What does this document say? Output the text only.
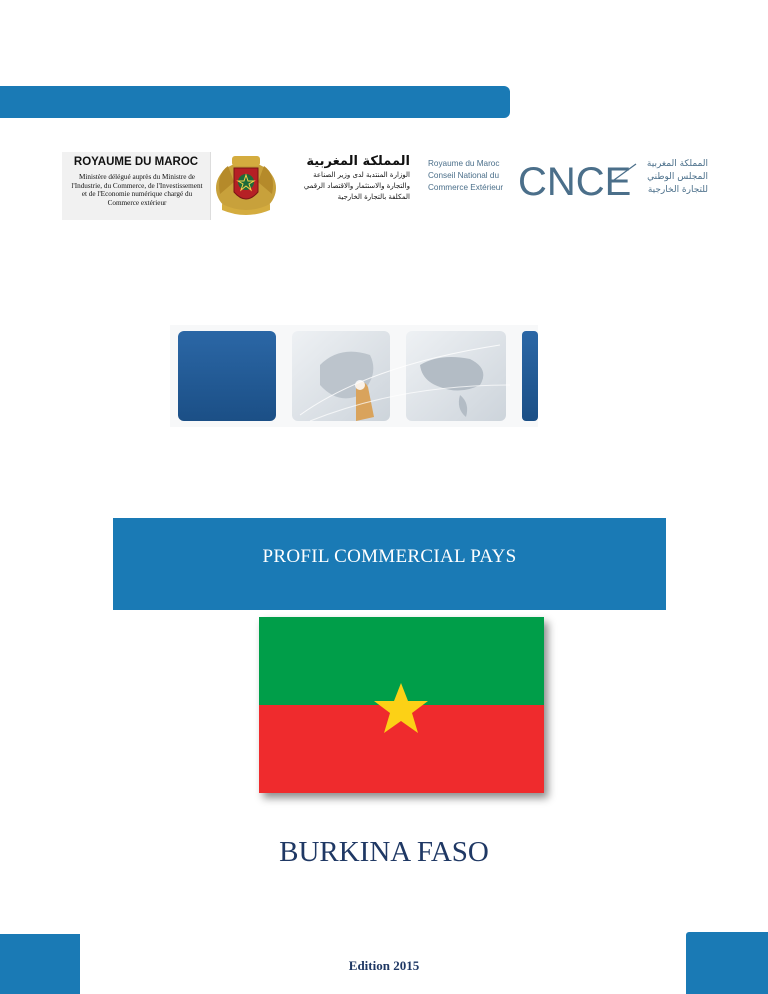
ROYAUME DU MAROC
Ministère délégué auprès du Ministre de
l'Industrie, du Commerce, de l'Investissement
et de l'Economie numérique chargé du
Commerce extérieur
المملكة المغربية
الوزارة المنتدبة لدى وزير الصناعة
والتجارة والاستثمار والاقتصاد الرقمي
المكلفة بالتجارة الخارجية
Royaume du Maroc
Conseil National du
Commerce Extérieur CNCE المملكة المغربية
المجلس الوطني
للتجارة الخارجية
PROFIL COMMERCIAL PAYS
BURKINA FASO
Edition 2015
